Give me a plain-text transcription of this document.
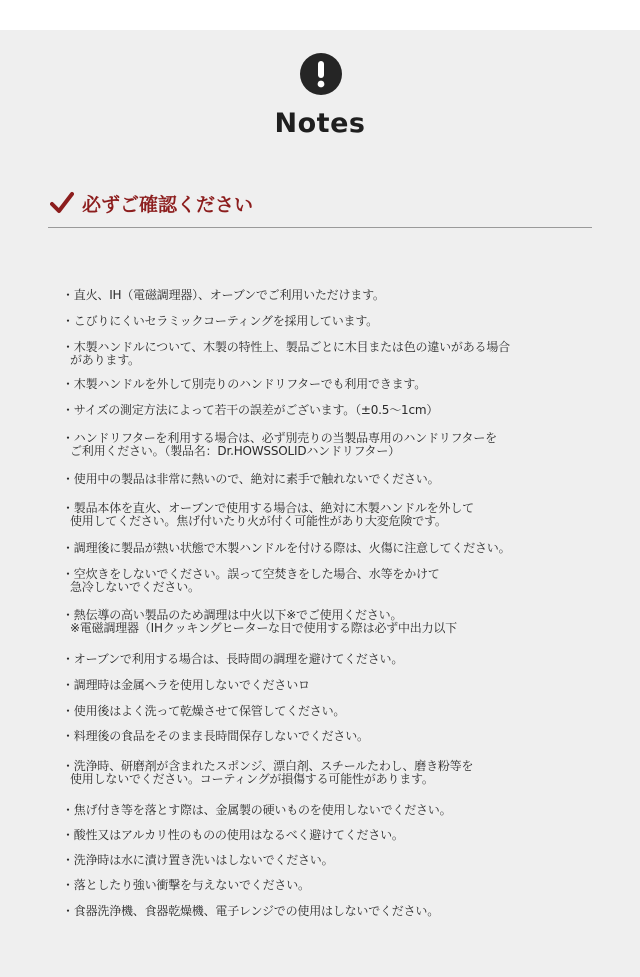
Notes
必ずご確認ください
・直火、IH（電磁調理器）、オーブンでご利用いただけます。
・こびりにくいセラミックコーティングを採用しています。
・木製ハンドルについて、木製の特性上、製品ごとに木目または色の違いがある場合
があります。
・木製ハンドルを外して別売りのハンドリフターでも利用できます。
・サイズの測定方法によって若干の誤差がございます。（±0.5～1cm）
・ハンドリフターを利用する場合は、必ず別売りの当製品専用のハンドリフターを
ご利用ください。（製品名：Dr.HOWSSOLIDハンドリフター）
・使用中の製品は非常に熱いので、絶対に素手で触れないでください。
・製品本体を直火、オーブンで使用する場合は、絶対に木製ハンドルを外して
使用してください。焦げ付いたり火が付く可能性があり大変危険です。
・調理後に製品が熱い状態で木製ハンドルを付ける際は、火傷に注意してください。
・空炊きをしないでください。誤って空焚きをした場合、水等をかけて
急冷しないでください。
・熱伝導の高い製品のため調理は中火以下※でご使用ください。
※電磁調理器（IHクッキングヒーターな日で使用する際は必ず中出力以下
・オーブンで利用する場合は、長時間の調理を避けてください。
・調理時は金属ヘラを使用しないでくださいロ
・使用後はよく洗って乾燥させて保管してください。
・料理後の食品をそのまま長時間保存しないでください。
・洗浄時、研磨剤が含まれたスポンジ、漂白剤、スチールたわし、磨き粉等を
使用しないでください。コーティングが損傷する可能性があります。
・焦げ付き等を落とす際は、金属製の硬いものを使用しないでください。
・酸性又はアルカリ性のものの使用はなるべく避けてください。
・洗浄時は水に漬け置き洗いはしないでください。
・落としたり強い衝撃を与えないでください。
・食器洗浄機、食器乾燥機、電子レンジでの使用はしないでください。
